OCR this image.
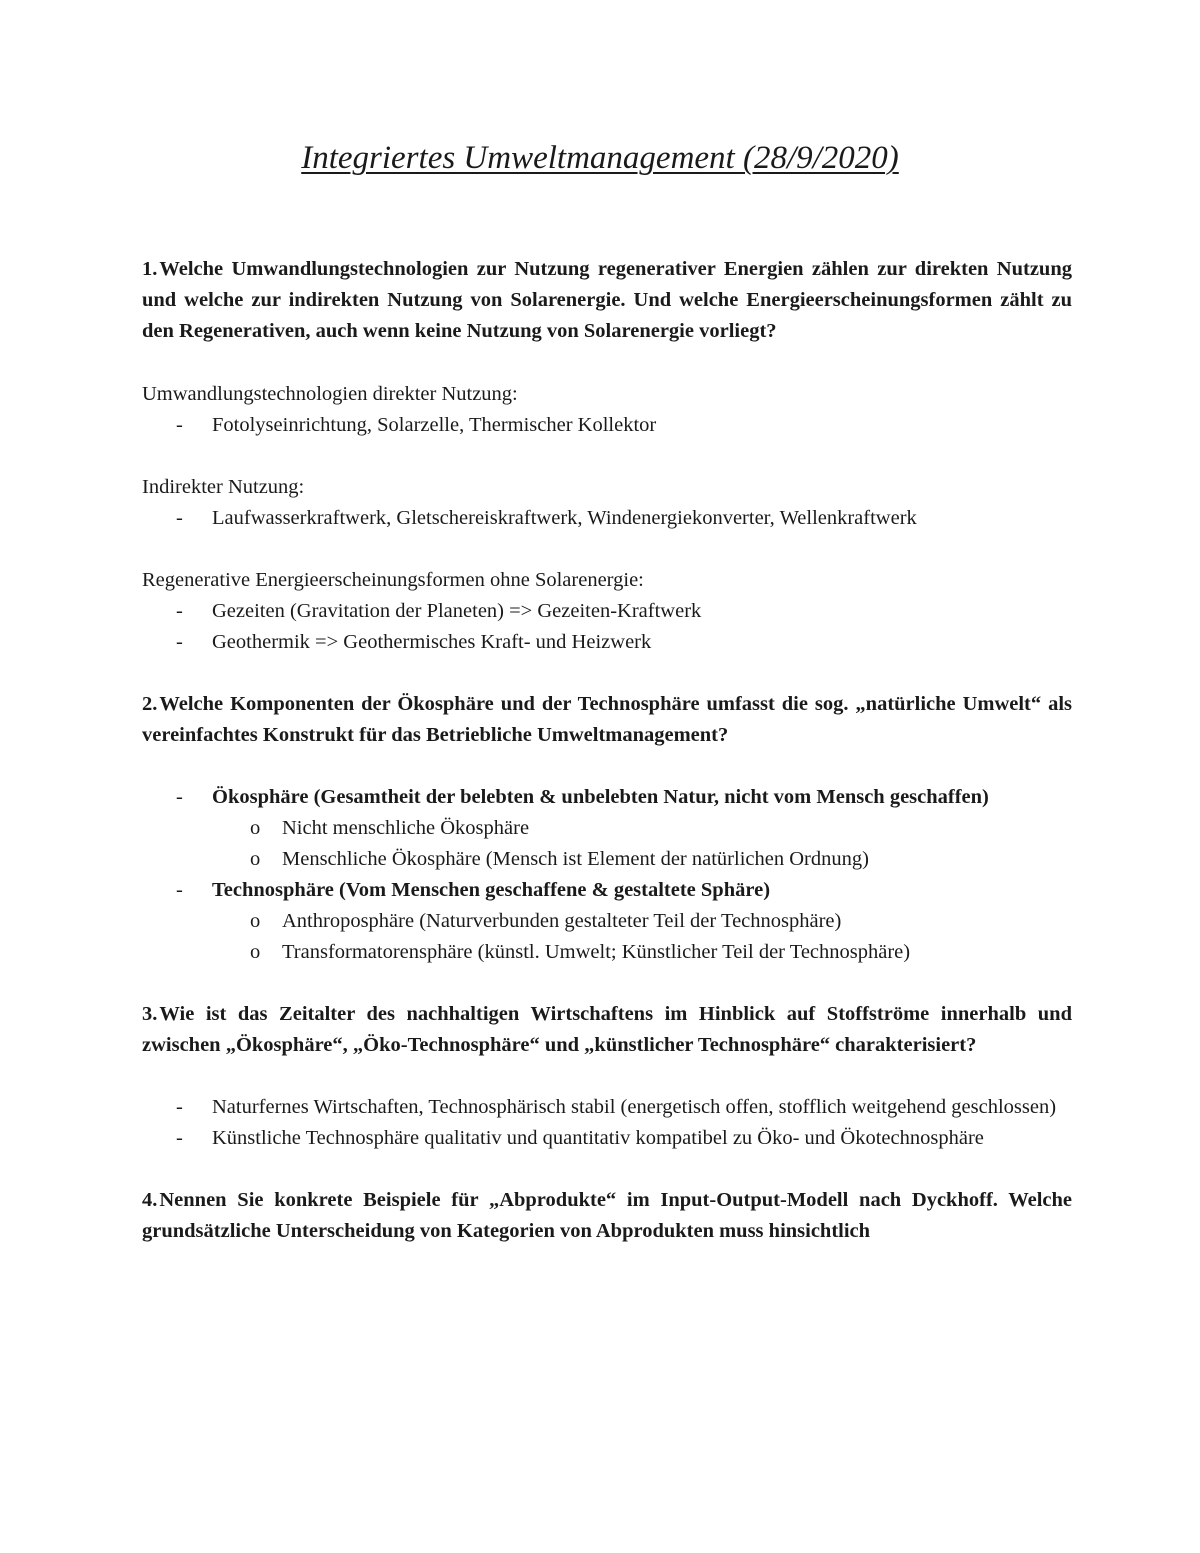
Integriertes Umweltmanagement (28/9/2020)

1.Welche Umwandlungstechnologien zur Nutzung regenerativer Energien zählen zur direkten Nutzung und welche zur indirekten Nutzung von Solarenergie. Und welche Energieerscheinungsformen zählt zu den Regenerativen, auch wenn keine Nutzung von Solarenergie vorliegt?

Umwandlungstechnologien direkter Nutzung:

- Fotolyseinrichtung, Solarzelle, Thermischer Kollektor

Indirekter Nutzung:

- Laufwasserkraftwerk, Gletschereiskraftwerk, Windenergiekonverter, Wellenkraftwerk

Regenerative Energieerscheinungsformen ohne Solarenergie:

- Gezeiten (Gravitation der Planeten) => Gezeiten-Kraftwerk
- Geothermik => Geothermisches Kraft- und Heizwerk

2.Welche Komponenten der Ökosphäre und der Technosphäre umfasst die sog. „natürliche Umwelt“ als vereinfachtes Konstrukt für das Betriebliche Umweltmanagement?

- Ökosphäre (Gesamtheit der belebten & unbelebten Natur, nicht vom Mensch geschaffen)
o Nicht menschliche Ökosphäre
o Menschliche Ökosphäre (Mensch ist Element der natürlichen Ordnung)
- Technosphäre (Vom Menschen geschaffene & gestaltete Sphäre)
o Anthroposphäre (Naturverbunden gestalteter Teil der Technosphäre)
o Transformatorensphäre (künstl. Umwelt; Künstlicher Teil der Technosphäre)

3.Wie ist das Zeitalter des nachhaltigen Wirtschaftens im Hinblick auf Stoffströme innerhalb und zwischen „Ökosphäre“, „Öko-Technosphäre“ und „künstlicher Technosphäre“ charakterisiert?

- Naturfernes Wirtschaften, Technosphärisch stabil (energetisch offen, stofflich weitgehend geschlossen)
- Künstliche Technosphäre qualitativ und quantitativ kompatibel zu Öko- und Ökotechnosphäre

4.Nennen Sie konkrete Beispiele für „Abprodukte“ im Input-Output-Modell nach Dyckhoff. Welche grundsätzliche Unterscheidung von Kategorien von Abprodukten muss hinsichtlich
